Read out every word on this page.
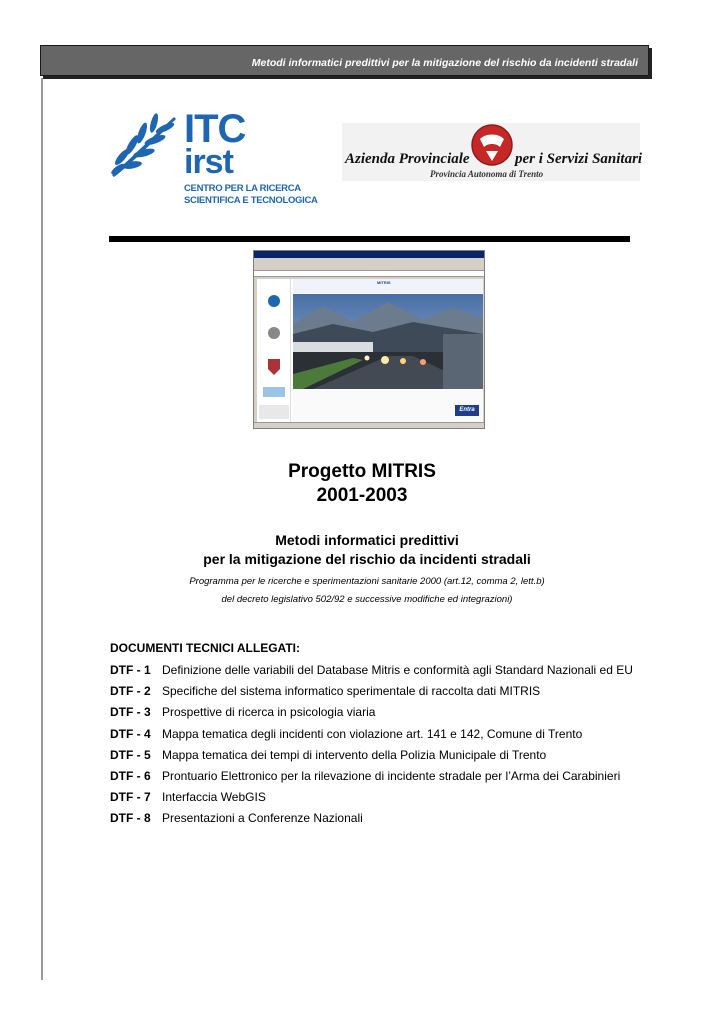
Metodi informatici predittivi per la mitigazione del rischio da incidenti stradali
ITC
irst
CENTRO PER LA RICERCA
SCIENTIFICA E TECNOLOGICA
Azienda Provinciale	per i Servizi Sanitari
Provincia Autonoma di Trento
MITRIS
Entra
Progetto MITRIS
2001-2003
Metodi informatici predittivi
per la mitigazione del rischio da incidenti stradali
Programma per le ricerche e sperimentazioni sanitarie 2000 (art.12, comma 2, lett.b)
del decreto legislativo 502/92 e successive modifiche ed integrazioni)
DOCUMENTI TECNICI ALLEGATI:
DTF - 1 Definizione delle variabili del Database Mitris e conformità agli Standard Nazionali ed EU
DTF - 2 Specifiche del sistema informatico sperimentale di raccolta dati MITRIS
DTF - 3 Prospettive di ricerca in psicologia viaria
DTF - 4 Mappa tematica degli incidenti con violazione art. 141 e 142, Comune di Trento
DTF - 5 Mappa tematica dei tempi di intervento della Polizia Municipale di Trento
DTF - 6 Prontuario Elettronico per la rilevazione di incidente stradale per l’Arma dei Carabinieri
DTF - 7 Interfaccia WebGIS
DTF - 8 Presentazioni a Conferenze Nazionali
